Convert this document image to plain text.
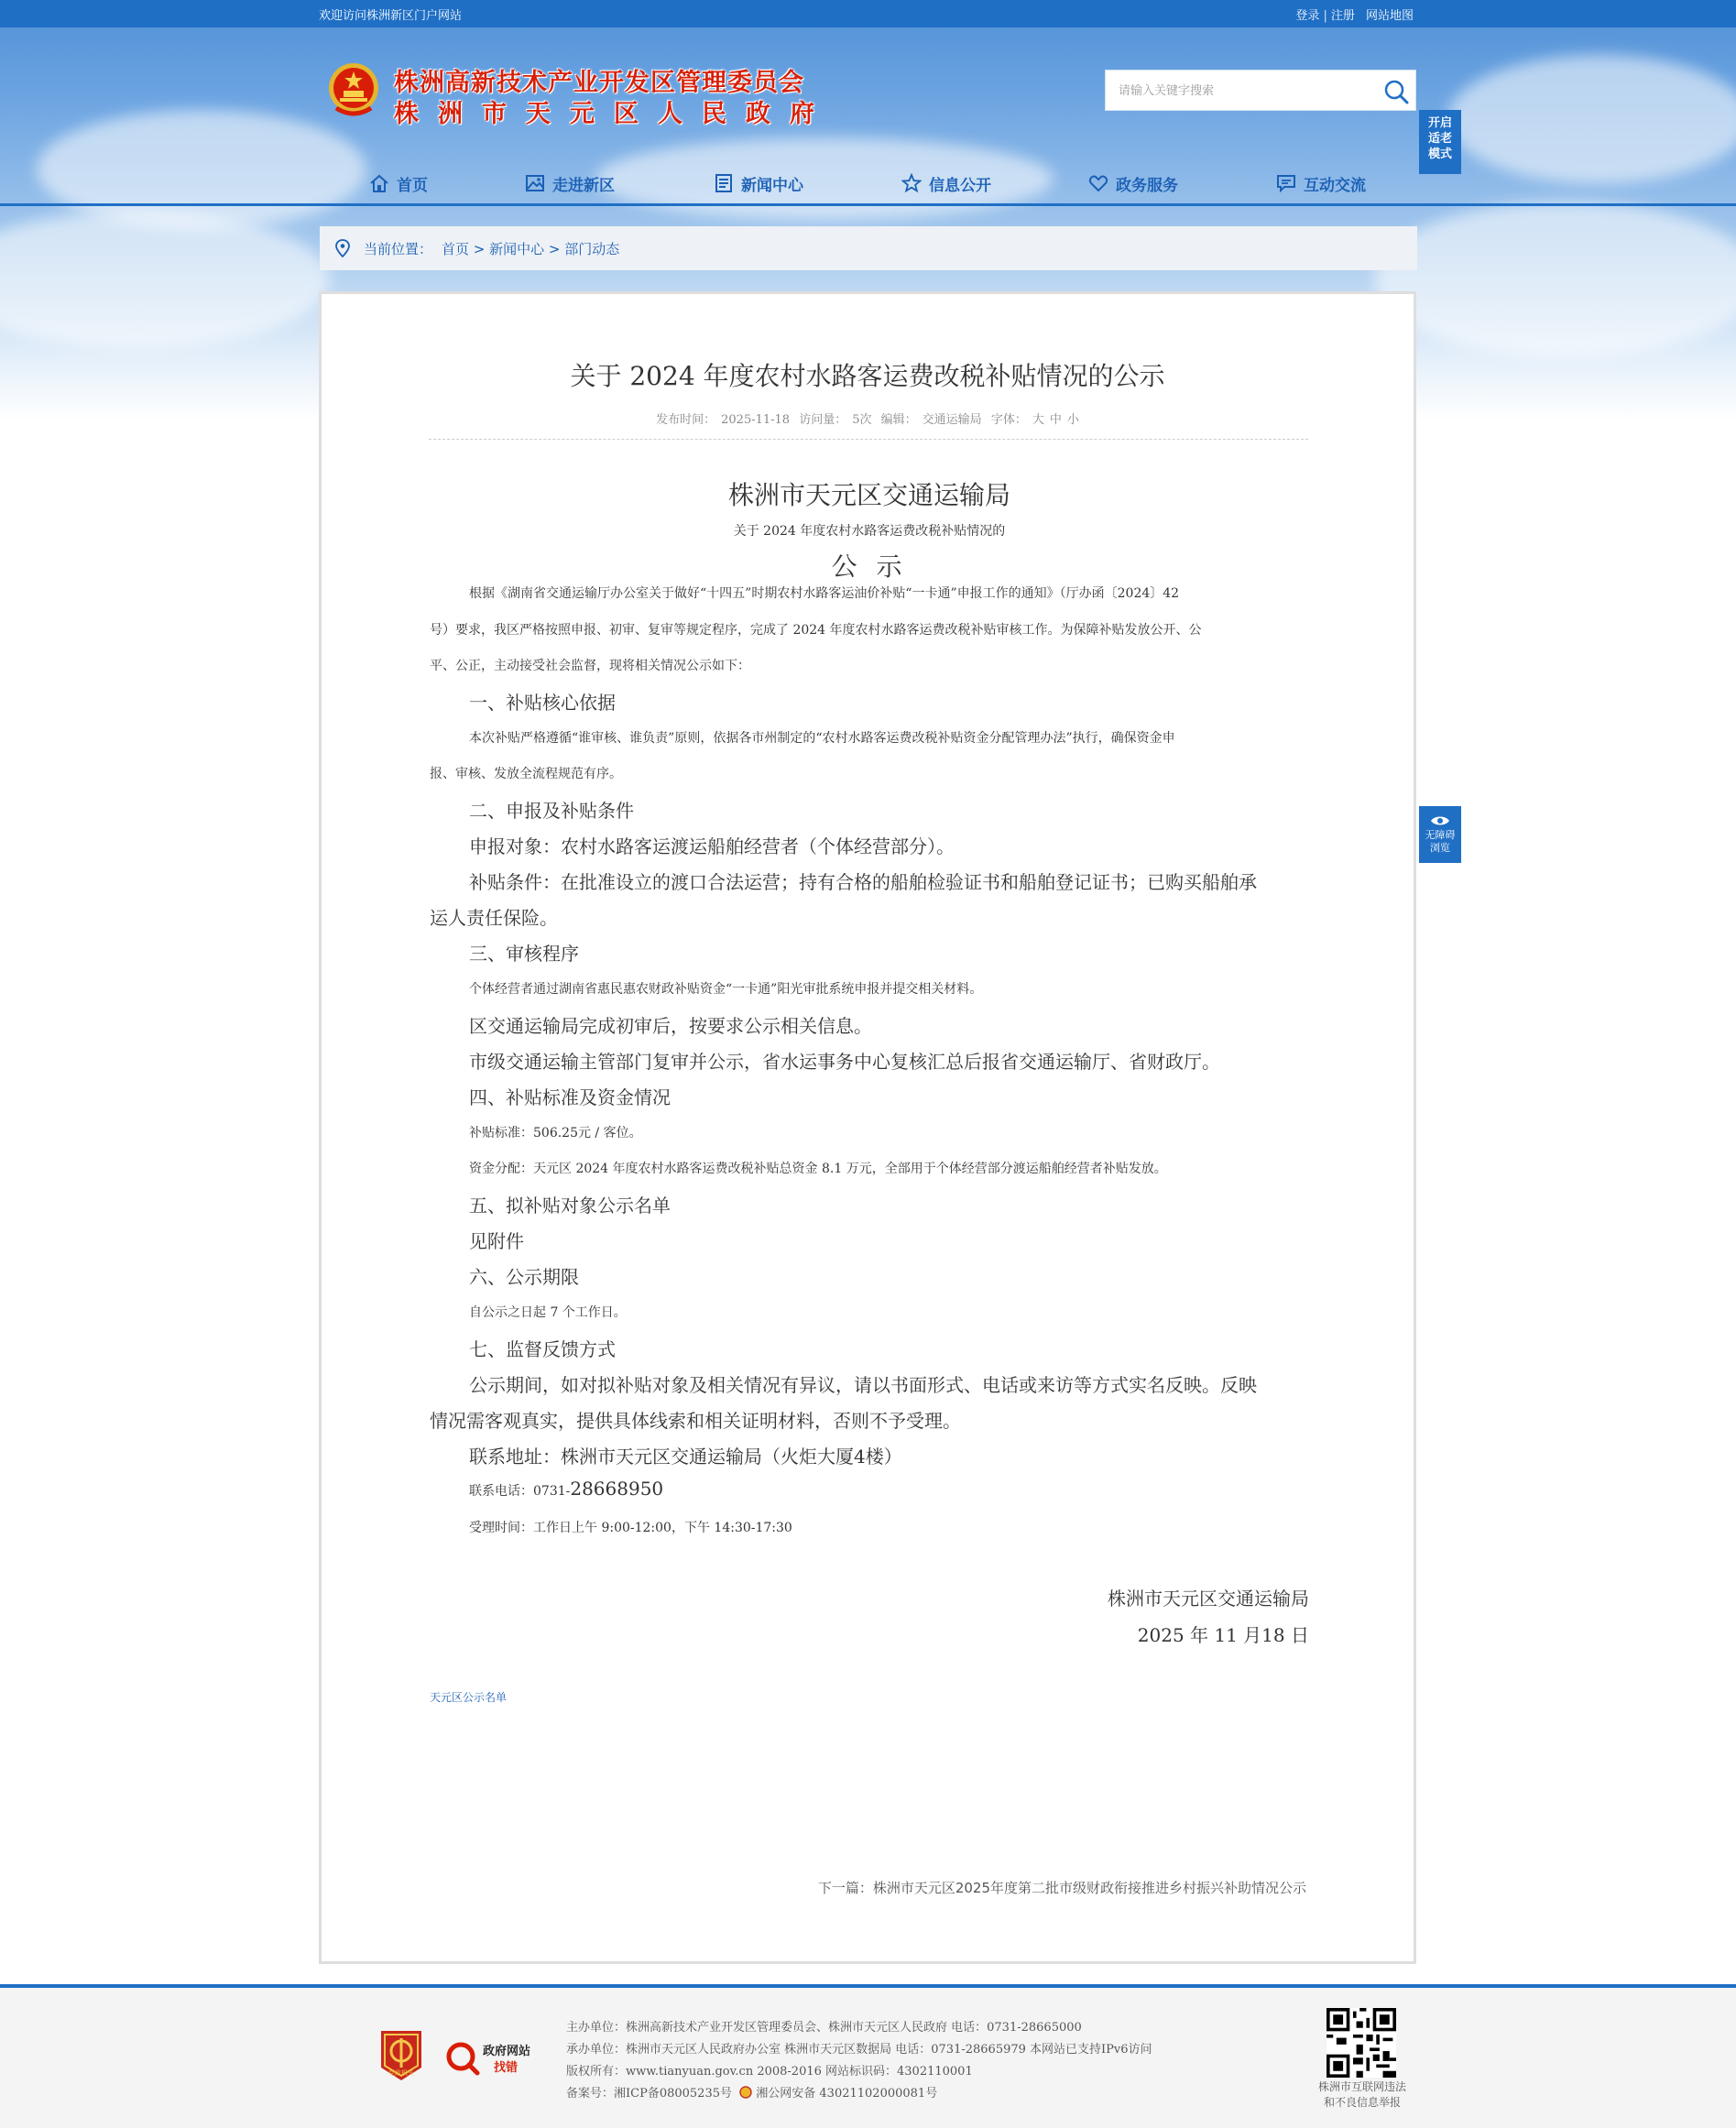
欢迎访问株洲新区门户网站	登录 | 注册 网站地图
株洲高新技术产业开发区管理委员会
株洲市天元区人民政府
请输入关键字搜索	开启适老模式
首页	走进新区	新闻中心	信息公开	政务服务	互动交流
当前位置： 首页 > 新闻中心 > 部门动态
关于 2024 年度农村水路客运费改税补贴情况的公示
发布时间： 2025-11-18 访问量： 5次 编辑： 交通运输局 字体： 大 中 小
株洲市天元区交通运输局
关于 2024 年度农村水路客运费改税补贴情况的
公 示
根据《湖南省交通运输厅办公室关于做好“十四五”时期农村水路客运油价补贴“一卡通”申报工作的通知》（厅办函〔2024〕42
号）要求，我区严格按照申报、初审、复审等规定程序，完成了 2024 年度农村水路客运费改税补贴审核工作。为保障补贴发放公开、公
平、公正，主动接受社会监督，现将相关情况公示如下：
一、补贴核心依据
本次补贴严格遵循“谁审核、谁负责”原则，依据各市州制定的“农村水路客运费改税补贴资金分配管理办法”执行，确保资金申
报、审核、发放全流程规范有序。
二、申报及补贴条件
申报对象：农村水路客运渡运船舶经营者（个体经营部分）。
补贴条件：在批准设立的渡口合法运营；持有合格的船舶检验证书和船舶登记证书；已购买船舶承
运人责任保险。
三、审核程序
个体经营者通过湖南省惠民惠农财政补贴资金“一卡通”阳光审批系统申报并提交相关材料。
区交通运输局完成初审后，按要求公示相关信息。
市级交通运输主管部门复审并公示，省水运事务中心复核汇总后报省交通运输厅、省财政厅。
四、补贴标准及资金情况
补贴标准：506.25元 / 客位。
资金分配：天元区 2024 年度农村水路客运费改税补贴总资金 8.1 万元，全部用于个体经营部分渡运船舶经营者补贴发放。
五、拟补贴对象公示名单
见附件
六、公示期限
自公示之日起 7 个工作日。
七、监督反馈方式
公示期间，如对拟补贴对象及相关情况有异议，请以书面形式、电话或来访等方式实名反映。反映
情况需客观真实，提供具体线索和相关证明材料，否则不予受理。
联系地址：株洲市天元区交通运输局（火炬大厦4楼）
联系电话：0731-28668950
受理时间：工作日上午 9:00-12:00，下午 14:30-17:30
株洲市天元区交通运输局
2025 年 11 月18 日
天元区公示名单
下一篇：株洲市天元区2025年度第二批市级财政衔接推进乡村振兴补助情况公示
无障碍
浏览
党政机关
政府网站
找错
主办单位：株洲高新技术产业开发区管理委员会、株洲市天元区人民政府 电话：0731-28665000
承办单位：株洲市天元区人民政府办公室 株洲市天元区数据局 电话：0731-28665979 本网站已支持IPv6访问
版权所有：www.tianyuan.gov.cn 2008-2016 网站标识码：4302110001
备案号：湘ICP备08005235号 湘公网安备 43021102000081号	株洲市互联网违法
和不良信息举报
